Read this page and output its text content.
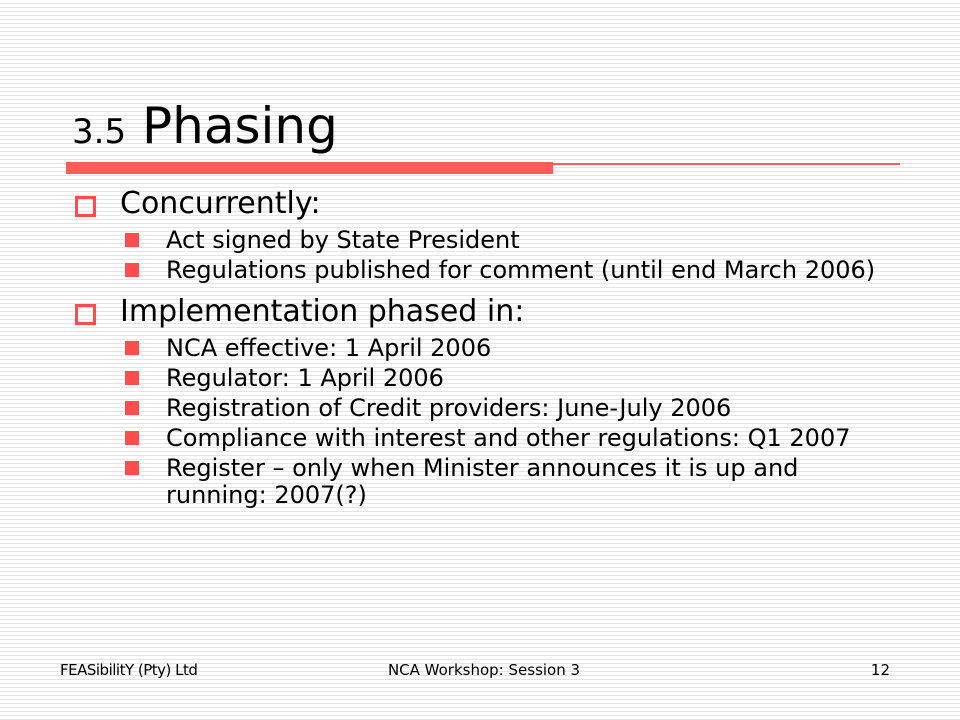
3.5 Phasing
Concurrently:
Act signed by State President
Regulations published for comment (until end March 2006)
Implementation phased in:
NCA effective: 1 April 2006
Regulator: 1 April 2006
Registration of Credit providers: June-July 2006
Compliance with interest and other regulations: Q1 2007
Register – only when Minister announces it is up and running: 2007(?)
FEASibilitY (Pty) Ltd	NCA Workshop: Session 3	12
